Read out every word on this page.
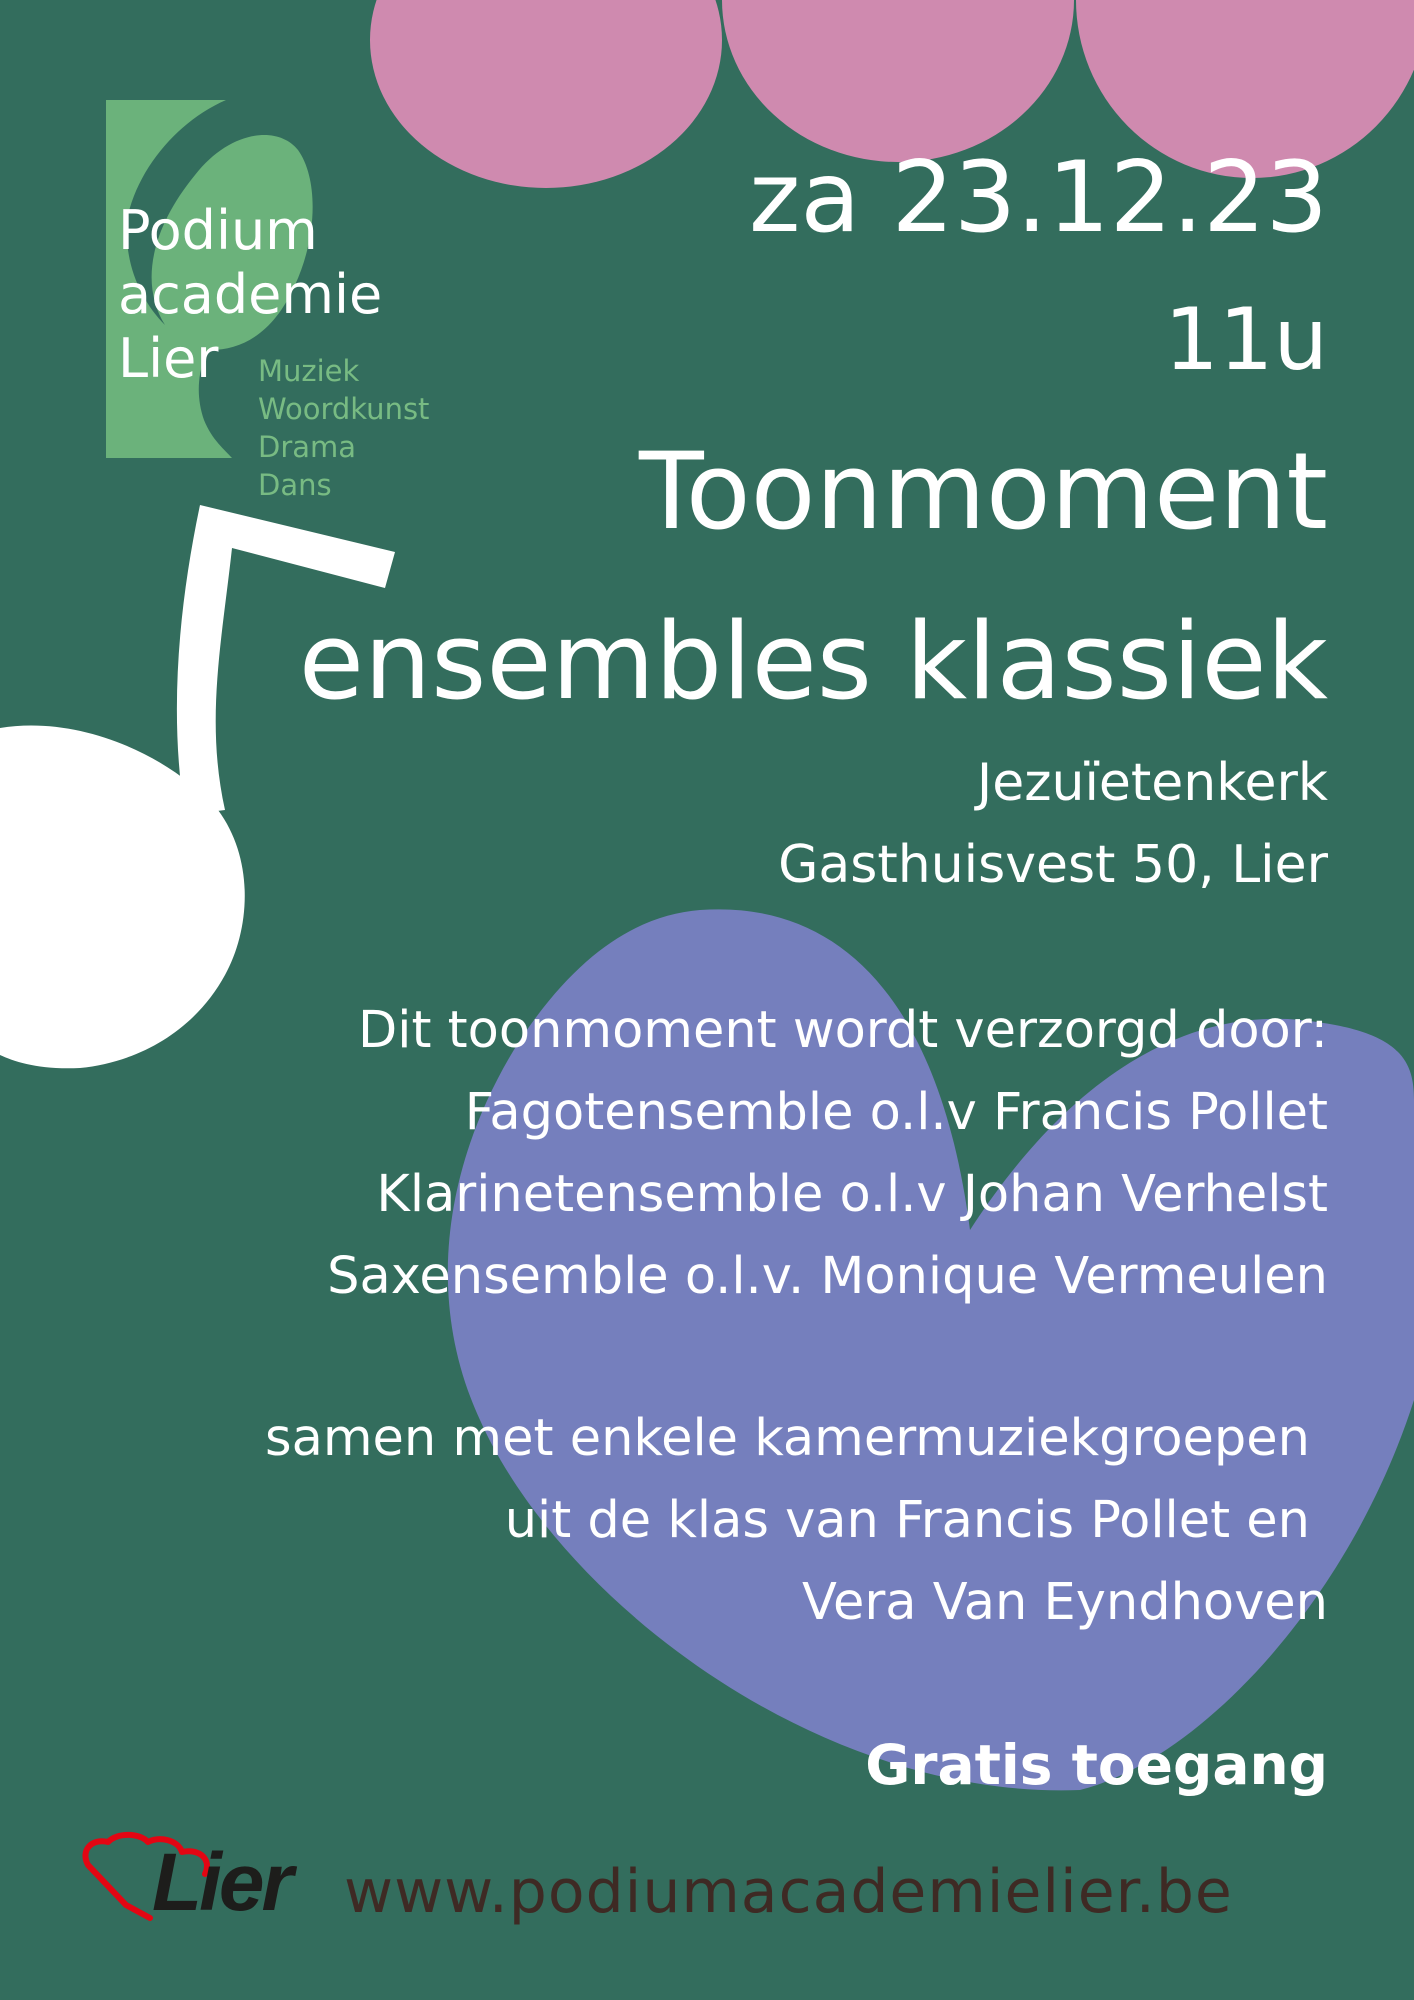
Podium
academie
Lier Muziek
Woordkunst
Drama
Dans
za 23.12.23
11u
Toonmoment
ensembles klassiek
Jezuïetenkerk
Gasthuisvest 50, Lier
Dit toonmoment wordt verzorgd door:
Fagotensemble o.l.v Francis Pollet
Klarinetensemble o.l.v Johan Verhelst
Saxensemble o.l.v. Monique Vermeulen
samen met enkele kamermuziekgroepen
uit de klas van Francis Pollet en
Vera Van Eyndhoven
Gratis toegang
Lier www.podiumacademielier.be
